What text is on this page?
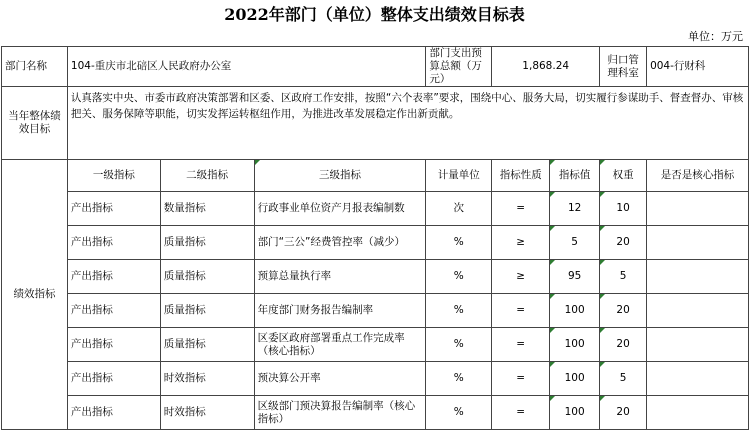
2022年部门（单位）整体支出绩效目标表
单位：万元
部门名称	104-重庆市北碚区人民政府办公室			部门支出预算总额（万元）	1,868.24		归口管理科室	004-行财科
当年整体绩效目标	认真落实中央、市委市政府决策部署和区委、区政府工作安排，按照“六个表率”要求，围绕中心、服务大局，切实履行参谋助手、督查督办、审核把关、服务保障等职能，切实发挥运转枢纽作用，为推进改革发展稳定作出新贡献。							
绩效指标	一级指标	二级指标	三级指标	计量单位	指标性质	指标值	权重	是否是核心指标
	产出指标	数量指标	行政事业单位资产月报表编制数	次	=	12	10	
	产出指标	质量指标	部门“三公”经费管控率（减少）	%	≥	5	20	
	产出指标	质量指标	预算总量执行率	%	≥	95	5	
	产出指标	质量指标	年度部门财务报告编制率	%	=	100	20	
	产出指标	质量指标	区委区政府部署重点工作完成率（核心指标）	%	=	100	20	
	产出指标	时效指标	预决算公开率	%	=	100	5	
	产出指标	时效指标	区级部门预决算报告编制率（核心指标）	%	=	100	20	
